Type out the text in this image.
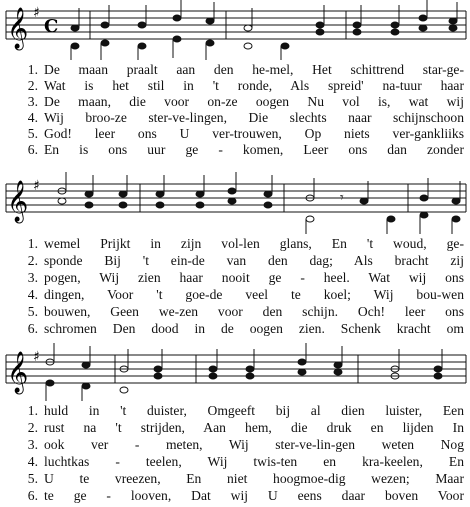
𝄞 ♯
C
1. De maan praalt aan den he-mel, Het schittrend star-ge-
2. Wat is het stil in 't ronde, Als spreid' na-tuur haar
3. De maan, die voor on-ze oogen Nu vol is, wat wij
4. Wij broo-ze ster-ve-lingen, Die slechts naar schijnschoon
5. God! leer ons U ver-trouwen, Op niets ver-gankliiks
6. En is ons uur ge - komen, Leer ons dan zonder
𝄞 ♯
𝄾
1. wemel Prijkt in zijn vol-len glans, En 't woud, ge-
2. sponde Bij 't ein-de van den dag; Als bracht zij
3. pogen, Wij zien haar nooit ge - heel. Wat wij ons
4. dingen, Voor 't goe-de veel te koel; Wij bou-wen
5. bouwen, Geen we-zen voor den schijn. Och! leer ons
6. schromen Den dood in de oogen zien. Schenk kracht om
𝄞 ♯
1. huld in 't duister, Omgeeft bij al dien luister, Een
2. rust na 't strijden, Aan hem, die druk en lijden In
3. ook ver - meten, Wij ster-ve-lin-gen weten Nog
4. luchtkas - teelen, Wij twis-ten en kra-keelen, En
5. U te vreezen, En niet hoogmoe-dig wezen; Maar
6. te ge - looven, Dat wij U eens daar boven Voor
